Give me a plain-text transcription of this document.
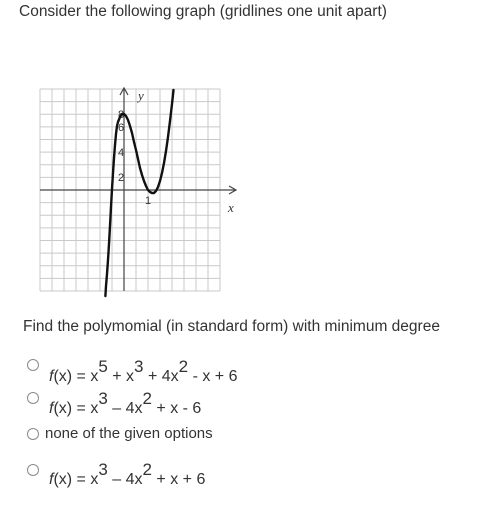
Consider the following graph (gridlines one unit apart)
y
x
8
6
4
2
1

Find the polymomial (in standard form) with minimum degree

$f(x) = x^5 + x^3 + 4x^2 - x + 6$
$f(x) = x^3 - 4x^2 + x - 6$
none of the given options
$f(x) = x^3 - 4x^2 + x + 6$
